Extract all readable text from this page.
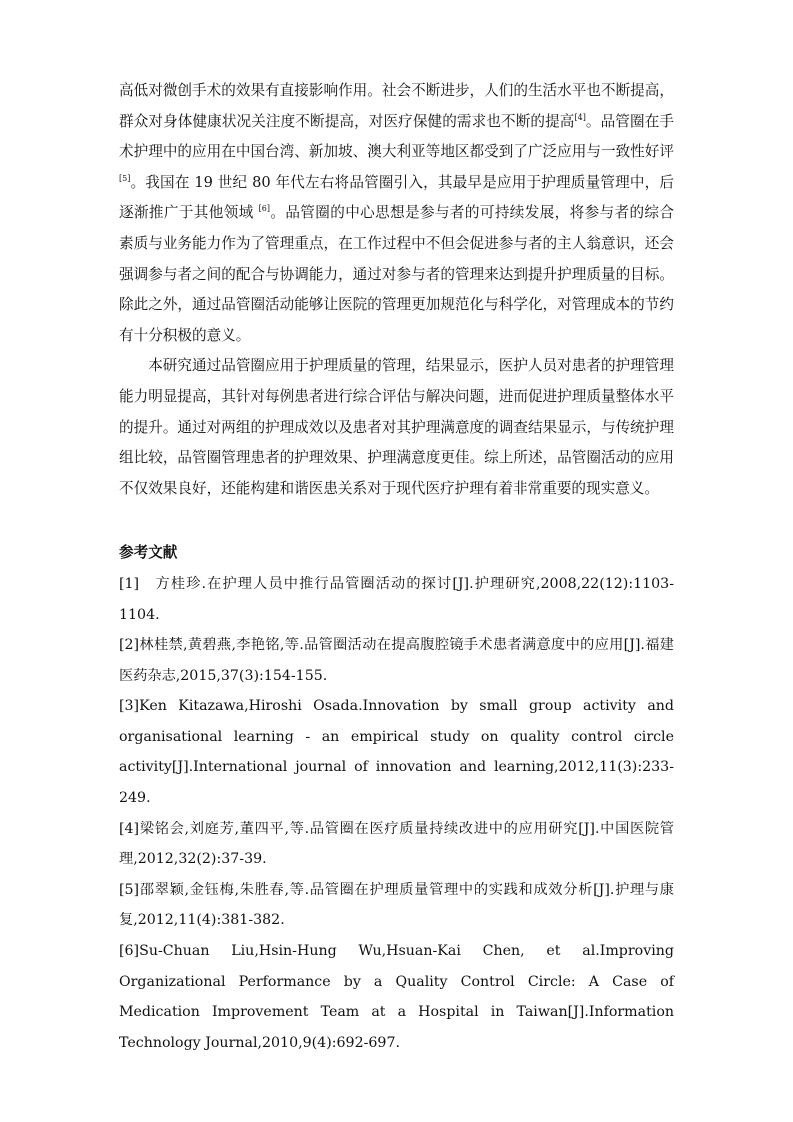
高低对微创手术的效果有直接影响作用。社会不断进步，人们的生活水平也不断提高，群众对身体健康状况关注度不断提高，对医疗保健的需求也不断的提高[4]。品管圈在手术护理中的应用在中国台湾、新加坡、澳大利亚等地区都受到了广泛应用与一致性好评 [5]。我国在 19 世纪 80 年代左右将品管圈引入，其最早是应用于护理质量管理中，后逐渐推广于其他领域 [6]。品管圈的中心思想是参与者的可持续发展，将参与者的综合素质与业务能力作为了管理重点，在工作过程中不但会促进参与者的主人翁意识，还会强调参与者之间的配合与协调能力，通过对参与者的管理来达到提升护理质量的目标。除此之外，通过品管圈活动能够让医院的管理更加规范化与科学化，对管理成本的节约有十分积极的意义。

本研究通过品管圈应用于护理质量的管理，结果显示，医护人员对患者的护理管理能力明显提高，其针对每例患者进行综合评估与解决问题，进而促进护理质量整体水平的提升。通过对两组的护理成效以及患者对其护理满意度的调查结果显示，与传统护理组比较，品管圈管理患者的护理效果、护理满意度更佳。综上所述，品管圈活动的应用不仅效果良好，还能构建和谐医患关系对于现代医疗护理有着非常重要的现实意义。

参考文献

[1]　方桂珍.在护理人员中推行品管圈活动的探讨[J].护理研究,2008,22(12):1103-1104.

[2]林桂禁,黄碧燕,李艳铭,等.品管圈活动在提高腹腔镜手术患者满意度中的应用[J].福建医药杂志,2015,37(3):154-155.

[3]Ken Kitazawa,Hiroshi Osada.Innovation by small group activity and organisational learning - an empirical study on quality control circle activity[J].International journal of innovation and learning,2012,11(3):233-249.

[4]梁铭会,刘庭芳,董四平,等.品管圈在医疗质量持续改进中的应用研究[J].中国医院管理,2012,32(2):37-39.

[5]邵翠颖,金钰梅,朱胜春,等.品管圈在护理质量管理中的实践和成效分析[J].护理与康复,2012,11(4):381-382.

[6]Su-Chuan Liu,Hsin-Hung Wu,Hsuan-Kai Chen, et al.Improving Organizational Performance by a Quality Control Circle: A Case of Medication Improvement Team at a Hospital in Taiwan[J].Information Technology Journal,2010,9(4):692-697.
